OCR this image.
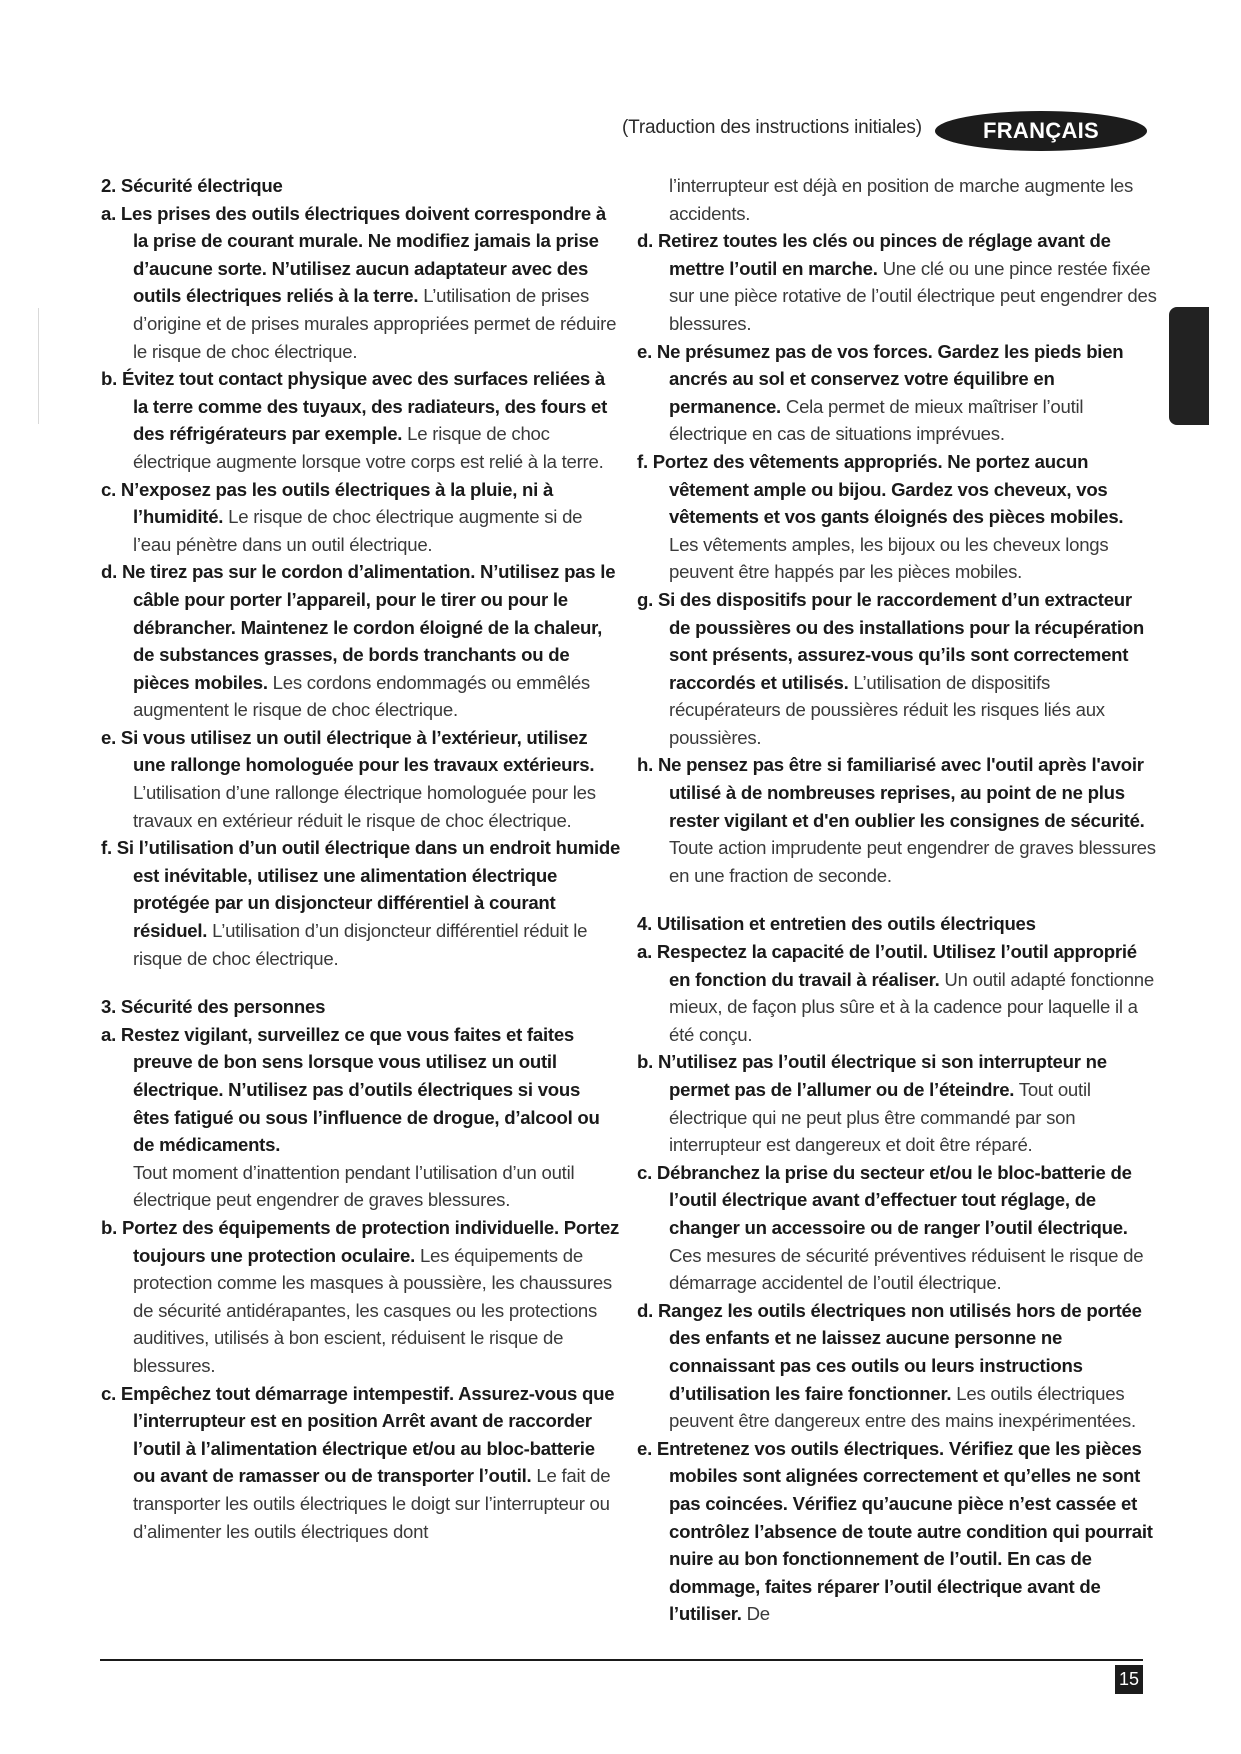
(Traduction des instructions initiales)	FRANÇAIS

2. Sécurité électrique

a. Les prises des outils électriques doivent correspondre à la prise de courant murale. Ne modifiez jamais la prise d’aucune sorte. N’utilisez aucun adaptateur avec des outils électriques reliés à la terre. L’utilisation de prises d’origine et de prises murales appropriées permet de réduire le risque de choc électrique.

b. Évitez tout contact physique avec des surfaces reliées à la terre comme des tuyaux, des radiateurs, des fours et des réfrigérateurs par exemple. Le risque de choc électrique augmente lorsque votre corps est relié à la terre.

c. N’exposez pas les outils électriques à la pluie, ni à l’humidité. Le risque de choc électrique augmente si de l’eau pénètre dans un outil électrique.

d. Ne tirez pas sur le cordon d’alimentation. N’utilisez pas le câble pour porter l’appareil, pour le tirer ou pour le débrancher. Maintenez le cordon éloigné de la chaleur, de substances grasses, de bords tranchants ou de pièces mobiles. Les cordons endommagés ou emmêlés augmentent le risque de choc électrique.

e. Si vous utilisez un outil électrique à l’extérieur, utilisez une rallonge homologuée pour les travaux extérieurs. L’utilisation d’une rallonge électrique homologuée pour les travaux en extérieur réduit le risque de choc électrique.

f. Si l’utilisation d’un outil électrique dans un endroit humide est inévitable, utilisez une alimentation électrique protégée par un disjoncteur différentiel à courant résiduel. L’utilisation d’un disjoncteur différentiel réduit le risque de choc électrique.

3. Sécurité des personnes

a. Restez vigilant, surveillez ce que vous faites et faites preuve de bon sens lorsque vous utilisez un outil électrique. N’utilisez pas d’outils électriques si vous êtes fatigué ou sous l’influence de drogue, d’alcool ou de médicaments.

Tout moment d’inattention pendant l’utilisation d’un outil électrique peut engendrer de graves blessures.

b. Portez des équipements de protection individuelle. Portez toujours une protection oculaire. Les équipements de protection comme les masques à poussière, les chaussures de sécurité antidérapantes, les casques ou les protections auditives, utilisés à bon escient, réduisent le risque de blessures.

c. Empêchez tout démarrage intempestif. Assurez-vous que l’interrupteur est en position Arrêt avant de raccorder l’outil à l’alimentation électrique et/ou au bloc-batterie ou avant de ramasser ou de transporter l’outil. Le fait de transporter les outils électriques le doigt sur l’interrupteur ou d’alimenter les outils électriques dont

l’interrupteur est déjà en position de marche augmente les accidents.

d. Retirez toutes les clés ou pinces de réglage avant de mettre l’outil en marche. Une clé ou une pince restée fixée sur une pièce rotative de l’outil électrique peut engendrer des blessures.

e. Ne présumez pas de vos forces. Gardez les pieds bien ancrés au sol et conservez votre équilibre en permanence. Cela permet de mieux maîtriser l’outil électrique en cas de situations imprévues.

f. Portez des vêtements appropriés. Ne portez aucun vêtement ample ou bijou. Gardez vos cheveux, vos vêtements et vos gants éloignés des pièces mobiles. Les vêtements amples, les bijoux ou les cheveux longs peuvent être happés par les pièces mobiles.

g. Si des dispositifs pour le raccordement d’un extracteur de poussières ou des installations pour la récupération sont présents, assurez-vous qu’ils sont correctement raccordés et utilisés. L’utilisation de dispositifs récupérateurs de poussières réduit les risques liés aux poussières.

h. Ne pensez pas être si familiarisé avec l'outil après l'avoir utilisé à de nombreuses reprises, au point de ne plus rester vigilant et d'en oublier les consignes de sécurité. Toute action imprudente peut engendrer de graves blessures en une fraction de seconde.

4. Utilisation et entretien des outils électriques

a. Respectez la capacité de l’outil. Utilisez l’outil approprié en fonction du travail à réaliser. Un outil adapté fonctionne mieux, de façon plus sûre et à la cadence pour laquelle il a été conçu.

b. N’utilisez pas l’outil électrique si son interrupteur ne permet pas de l’allumer ou de l’éteindre. Tout outil électrique qui ne peut plus être commandé par son interrupteur est dangereux et doit être réparé.

c. Débranchez la prise du secteur et/ou le bloc-batterie de l’outil électrique avant d’effectuer tout réglage, de changer un accessoire ou de ranger l’outil électrique. Ces mesures de sécurité préventives réduisent le risque de démarrage accidentel de l’outil électrique.

d. Rangez les outils électriques non utilisés hors de portée des enfants et ne laissez aucune personne ne connaissant pas ces outils ou leurs instructions d’utilisation les faire fonctionner. Les outils électriques peuvent être dangereux entre des mains inexpérimentées.

e. Entretenez vos outils électriques. Vérifiez que les pièces mobiles sont alignées correctement et qu’elles ne sont pas coincées. Vérifiez qu’aucune pièce n’est cassée et contrôlez l’absence de toute autre condition qui pourrait nuire au bon fonctionnement de l’outil. En cas de dommage, faites réparer l’outil électrique avant de l’utiliser. De

15
